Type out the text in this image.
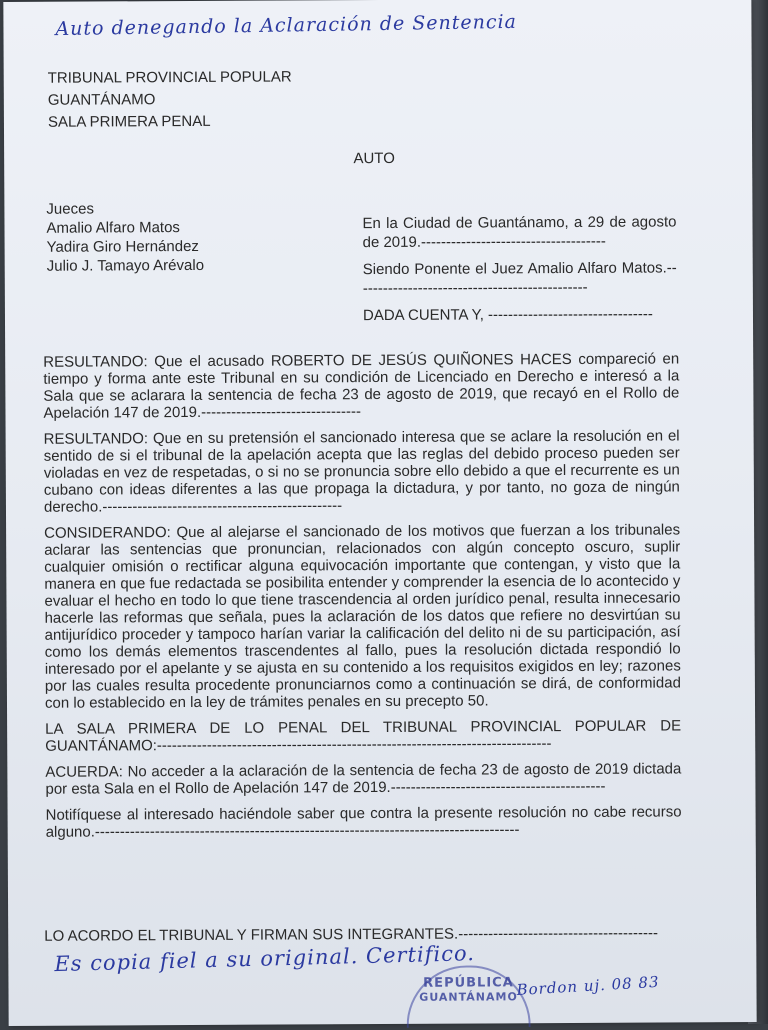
Auto denegando la Aclaración de Sentencia
TRIBUNAL PROVINCIAL POPULAR
GUANTÁNAMO
SALA PRIMERA PENAL
AUTO
Jueces
Amalio Alfaro Matos
Yadira Giro Hernández
Julio J. Tamayo Arévalo

En la Ciudad de Guantánamo, a 29 de agosto de 2019.-------------------------------------

Siendo Ponente el Juez Amalio Alfaro Matos.-----------------------------------------------

DADA CUENTA Y, ---------------------------------

RESULTANDO: Que el acusado ROBERTO DE JESÚS QUIÑONES HACES compareció en tiempo y forma ante este Tribunal en su condición de Licenciado en Derecho e interesó a la Sala que se aclarara la sentencia de fecha 23 de agosto de 2019, que recayó en el Rollo de Apelación 147 de 2019.--------------------------------

RESULTANDO: Que en su pretensión el sancionado interesa que se aclare la resolución en el sentido de si el tribunal de la apelación acepta que las reglas del debido proceso pueden ser violadas en vez de respetadas, o si no se pronuncia sobre ello debido a que el recurrente es un cubano con ideas diferentes a las que propaga la dictadura, y por tanto, no goza de ningún derecho.------------------------------------------------

CONSIDERANDO: Que al alejarse el sancionado de los motivos que fuerzan a los tribunales aclarar las sentencias que pronuncian, relacionados con algún concepto oscuro, suplir cualquier omisión o rectificar alguna equivocación importante que contengan, y visto que la manera en que fue redactada se posibilita entender y comprender la esencia de lo acontecido y evaluar el hecho en todo lo que tiene trascendencia al orden jurídico penal, resulta innecesario hacerle las reformas que señala, pues la aclaración de los datos que refiere no desvirtúan su antijurídico proceder y tampoco harían variar la calificación del delito ni de su participación, así como los demás elementos trascendentes al fallo, pues la resolución dictada respondió lo interesado por el apelante y se ajusta en su contenido a los requisitos exigidos en ley; razones por las cuales resulta procedente pronunciarnos como a continuación se dirá, de conformidad con lo establecido en la ley de trámites penales en su precepto 50.

LA SALA PRIMERA DE LO PENAL DEL TRIBUNAL PROVINCIAL POPULAR DE GUANTÁNAMO:-------------------------------------------------------------------------------

ACUERDA: No acceder a la aclaración de la sentencia de fecha 23 de agosto de 2019 dictada por esta Sala en el Rollo de Apelación 147 de 2019.-------------------------------------------

Notifíquese al interesado haciéndole saber que contra la presente resolución no cabe recurso alguno.-------------------------------------------------------------------------------------

LO ACORDO EL TRIBUNAL Y FIRMAN SUS INTEGRANTES.----------------------------------------
Es copia fiel a su original. Certifico.
REPÚBLICA
GUANTÁNAMO
Bordon uj. 08 83
